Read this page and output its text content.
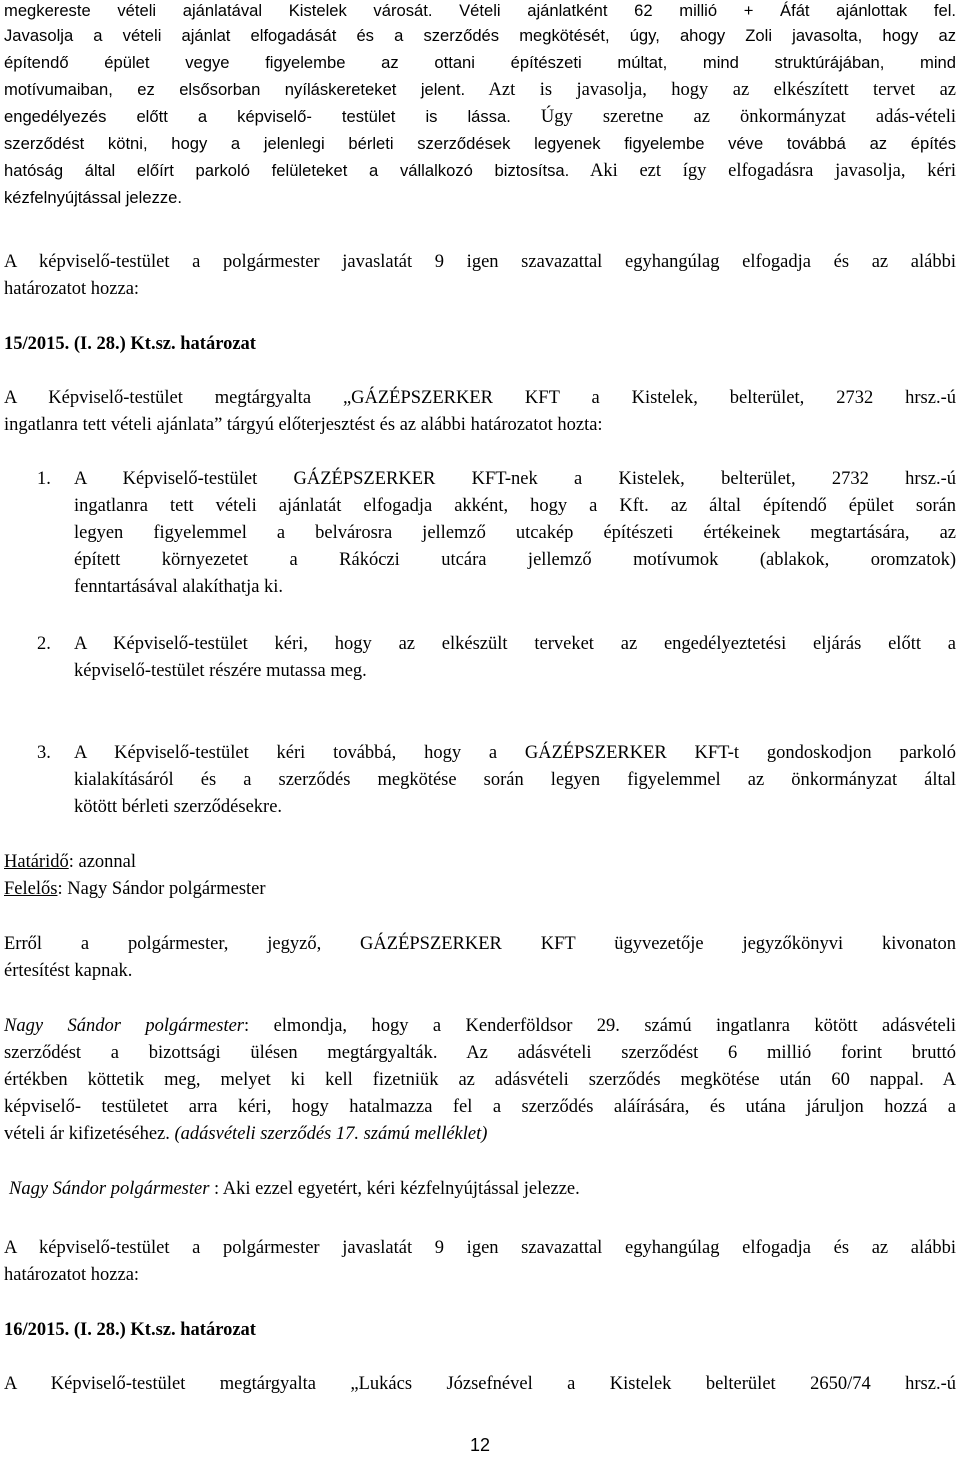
megkereste vételi ajánlatával Kistelek városát. Vételi ajánlatként 62 millió + Áfát ajánlottak fel.
Javasolja a vételi ajánlat elfogadását és a szerződés megkötését, úgy, ahogy Zoli javasolta, hogy az
építendő épület vegye figyelembe az ottani építészeti múltat, mind struktúrájában, mind
motívumaiban, ez elsősorban nyíláskereteket jelent. Azt is javasolja, hogy az elkészített tervet az
engedélyezés előtt a képviselő- testület is lássa. Úgy szeretne az önkormányzat adás-vételi
szerződést kötni, hogy a jelenlegi bérleti szerződések legyenek figyelembe véve továbbá az építés
hatóság által előírt parkoló felületeket a vállalkozó biztosítsa. Aki ezt így elfogadásra javasolja, kéri
kézfelnyújtással jelezze.
A képviselő-testület a polgármester javaslatát 9 igen szavazattal egyhangúlag elfogadja és az alábbi
határozatot hozza:
15/2015. (I. 28.) Kt.sz. határozat
A Képviselő-testület megtárgyalta „GÁZÉPSZERKER KFT a Kistelek, belterület, 2732 hrsz.-ú
ingatlanra tett vételi ajánlata” tárgyú előterjesztést és az alábbi határozatot hozta:
1. A Képviselő-testület GÁZÉPSZERKER KFT-nek a Kistelek, belterület, 2732 hrsz.-ú
ingatlanra tett vételi ajánlatát elfogadja akként, hogy a Kft. az által építendő épület során
legyen figyelemmel a belvárosra jellemző utcakép építészeti értékeinek megtartására, az
épített környezetet a Rákóczi utcára jellemző motívumok (ablakok, oromzatok)
fenntartásával alakíthatja ki.
2. A Képviselő-testület kéri, hogy az elkészült terveket az engedélyeztetési eljárás előtt a
képviselő-testület részére mutassa meg.
3. A Képviselő-testület kéri továbbá, hogy a GÁZÉPSZERKER KFT-t gondoskodjon parkoló
kialakításáról és a szerződés megkötése során legyen figyelemmel az önkormányzat által
kötött bérleti szerződésekre.
Határidő: azonnal
Felelős: Nagy Sándor polgármester
Erről a polgármester, jegyző, GÁZÉPSZERKER KFT ügyvezetője jegyzőkönyvi kivonaton
értesítést kapnak.
Nagy Sándor polgármester: elmondja, hogy a Kenderföldsor 29. számú ingatlanra kötött adásvételi
szerződést a bizottsági ülésen megtárgyalták. Az adásvételi szerződést 6 millió forint bruttó
értékben köttetik meg, melyet ki kell fizetniük az adásvételi szerződés megkötése után 60 nappal. A
képviselő- testületet arra kéri, hogy hatalmazza fel a szerződés aláírására, és utána járuljon hozzá a
vételi ár kifizetéséhez. (adásvételi szerződés 17. számú melléklet)
Nagy Sándor polgármester : Aki ezzel egyetért, kéri kézfelnyújtással jelezze.
A képviselő-testület a polgármester javaslatát 9 igen szavazattal egyhangúlag elfogadja és az alábbi
határozatot hozza:
16/2015. (I. 28.) Kt.sz. határozat
A Képviselő-testület megtárgyalta „Lukács Józsefnével a Kistelek belterület 2650/74 hrsz.-ú
12
